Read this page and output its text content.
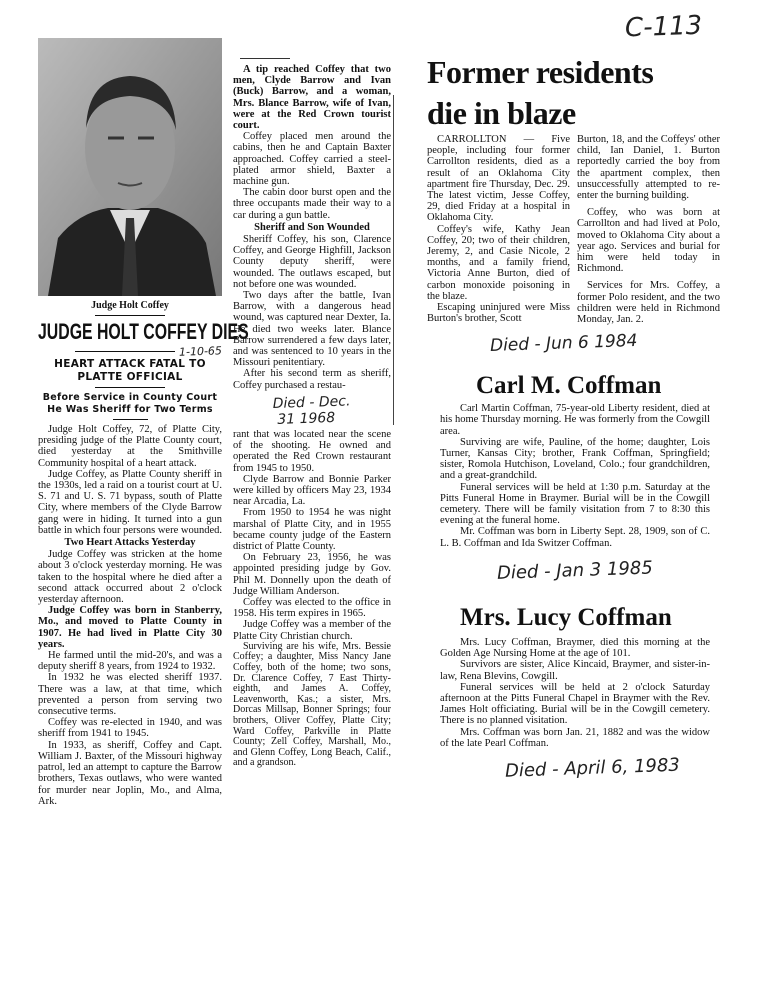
C-113
Judge Holt Coffey
JUDGE HOLT COFFEY DIES
1-10-65
HEART ATTACK FATAL TO PLATTE OFFICIAL
Before Service in County Court He Was Sheriff for Two Terms

Judge Holt Coffey, 72, of Platte City, presiding judge of the Platte County court, died yesterday at the Smithville Community hospital of a heart attack.

Judge Coffey, as Platte County sheriff in the 1930s, led a raid on a tourist court at U. S. 71 and U. S. 71 bypass, south of Platte City, where members of the Clyde Barrow gang were in hiding. It turned into a gun battle in which four persons were wounded.

Two Heart Attacks Yesterday

Judge Coffey was stricken at the home about 3 o'clock yesterday morning. He was taken to the hospital where he died after a second attack occurred about 2 o'clock yesterday afternoon.

Judge Coffey was born in Stanberry, Mo., and moved to Platte County in 1907. He had lived in Platte City 30 years.

He farmed until the mid-20's, and was a deputy sheriff 8 years, from 1924 to 1932.

In 1932 he was elected sheriff 1937. There was a law, at that time, which prevented a person from serving two consecutive terms.

Coffey was re-elected in 1940, and was sheriff from 1941 to 1945.

In 1933, as sheriff, Coffey and Capt. William J. Baxter, of the Missouri highway patrol, led an attempt to capture the Barrow brothers, Texas outlaws, who were wanted for murder near Joplin, Mo., and Alma, Ark.

A tip reached Coffey that two men, Clyde Barrow and Ivan (Buck) Barrow, and a woman, Mrs. Blance Barrow, wife of Ivan, were at the Red Crown tourist court.

Coffey placed men around the cabins, then he and Captain Baxter approached. Coffey carried a steel-plated armor shield, Baxter a machine gun.

The cabin door burst open and the three occupants made their way to a car during a gun battle.

Sheriff and Son Wounded

Sheriff Coffey, his son, Clarence Coffey, and George Highfill, Jackson County deputy sheriff, were wounded. The outlaws escaped, but not before one was wounded.

Two days after the battle, Ivan Barrow, with a dangerous head wound, was captured near Dexter, Ia. He died two weeks later. Blance Barrow surrendered a few days later, and was sentenced to 10 years in the Missouri penitentiary.

After his second term as sheriff, Coffey purchased a restau-

Died - Dec.
31 1968

rant that was located near the scene of the shooting. He owned and operated the Red Crown restaurant from 1945 to 1950.

Clyde Barrow and Bonnie Parker were killed by officers May 23, 1934 near Arcadia, La.

From 1950 to 1954 he was night marshal of Platte City, and in 1955 became county judge of the Eastern district of Platte County.

On February 23, 1956, he was appointed presiding judge by Gov. Phil M. Donnelly upon the death of Judge William Anderson.

Coffey was elected to the office in 1958. His term expires in 1965.

Judge Coffey was a member of the Platte City Christian church.

Surviving are his wife, Mrs. Bessie Coffey; a daughter, Miss Nancy Jane Coffey, both of the home; two sons, Dr. Clarence Coffey, 7 East Thirty-eighth, and James A. Coffey, Leavenworth, Kas.; a sister, Mrs. Dorcas Millsap, Bonner Springs; four brothers, Oliver Coffey, Platte City; Ward Coffey, Parkville in Platte County; Zell Coffey, Marshall, Mo., and Glenn Coffey, Long Beach, Calif., and a grandson.

Former residents
die in blaze

CARROLLTON — Five people, including four former Carrollton residents, died as a result of an Oklahoma City apartment fire Thursday, Dec. 29. The latest victim, Jesse Coffey, 29, died Friday at a hospital in Oklahoma City.

Coffey's wife, Kathy Jean Coffey, 20; two of their children, Jeremy, 2, and Casie Nicole, 2 months, and a family friend, Victoria Anne Burton, died of carbon monoxide poisoning in the blaze.

Escaping uninjured were Miss Burton's brother, Scott

Burton, 18, and the Coffeys' other child, Ian Daniel, 1. Burton reportedly carried the boy from the apartment complex, then unsuccessfully attempted to re-enter the burning building.

Coffey, who was born at Carrollton and had lived at Polo, moved to Oklahoma City about a year ago. Services and burial for him were held today in Richmond.

Services for Mrs. Coffey, a former Polo resident, and the two children were held in Richmond Monday, Jan. 2.

Died - Jun 6 1984
Carl M. Coffman

Carl Martin Coffman, 75-year-old Liberty resident, died at his home Thursday morning. He was formerly from the Cowgill area.

Surviving are wife, Pauline, of the home; daughter, Lois Turner, Kansas City; brother, Frank Coffman, Springfield; sister, Romola Hutchison, Loveland, Colo.; four grandchildren, and a great-grandchild.

Funeral services will be held at 1:30 p.m. Saturday at the Pitts Funeral Home in Braymer. Burial will be in the Cowgill cemetery. There will be family visitation from 7 to 8:30 this evening at the funeral home.

Mr. Coffman was born in Liberty Sept. 28, 1909, son of C. L. B. Coffman and Ida Switzer Coffman.

Died - Jan 3 1985
Mrs. Lucy Coffman

Mrs. Lucy Coffman, Braymer, died this morning at the Golden Age Nursing Home at the age of 101.

Survivors are sister, Alice Kincaid, Braymer, and sister-in-law, Rena Blevins, Cowgill.

Funeral services will be held at 2 o'clock Saturday afternoon at the Pitts Funeral Chapel in Braymer with the Rev. James Holt officiating. Burial will be in the Cowgill cemetery. There is no planned visitation.

Mrs. Coffman was born Jan. 21, 1882 and was the widow of the late Pearl Coffman.

Died - April 6, 1983
